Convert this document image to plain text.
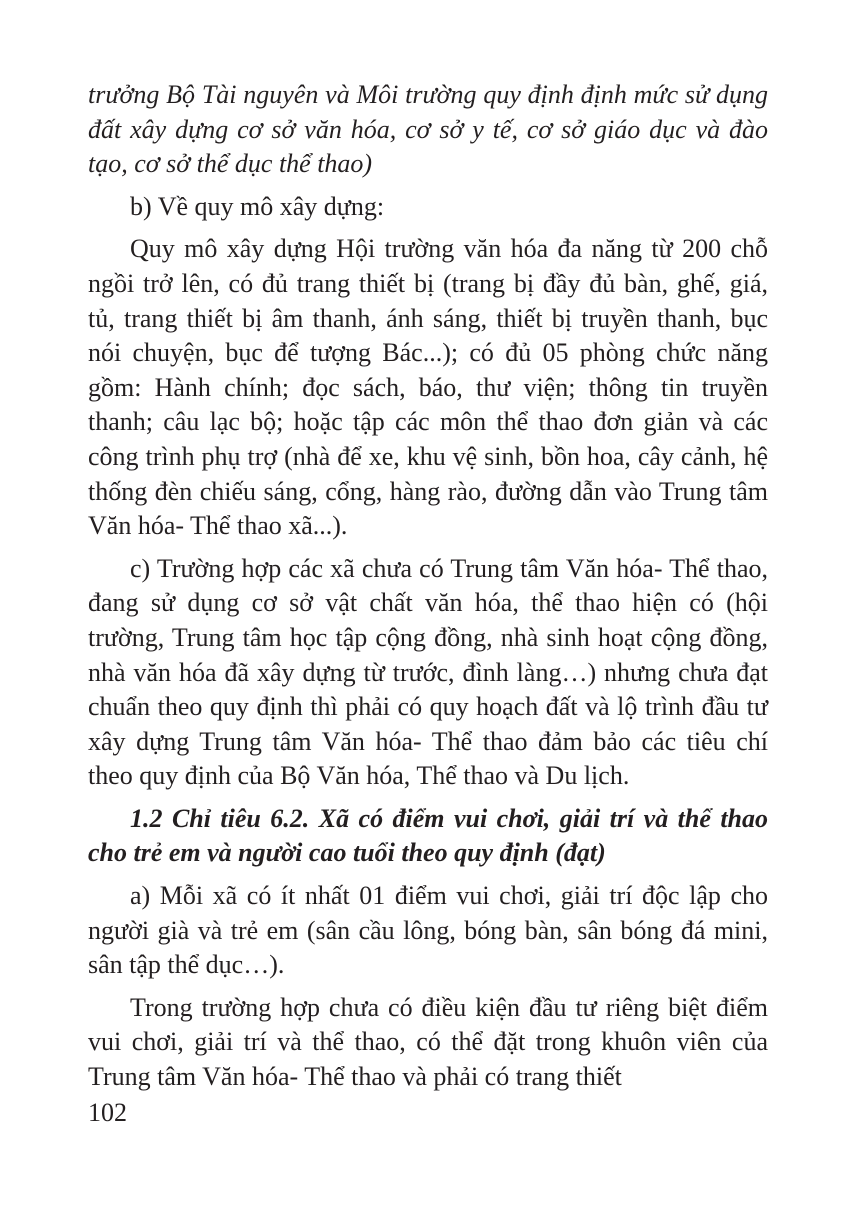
trưởng Bộ Tài nguyên và Môi trường quy định định mức sử dụng đất xây dựng cơ sở văn hóa, cơ sở y tế, cơ sở giáo dục và đào tạo, cơ sở thể dục thể thao)

b) Về quy mô xây dựng:

Quy mô xây dựng Hội trường văn hóa đa năng từ 200 chỗ ngồi trở lên, có đủ trang thiết bị (trang bị đầy đủ bàn, ghế, giá, tủ, trang thiết bị âm thanh, ánh sáng, thiết bị truyền thanh, bục nói chuyện, bục để tượng Bác...); có đủ 05 phòng chức năng gồm: Hành chính; đọc sách, báo, thư viện; thông tin truyền thanh; câu lạc bộ; hoặc tập các môn thể thao đơn giản và các công trình phụ trợ (nhà để xe, khu vệ sinh, bồn hoa, cây cảnh, hệ thống đèn chiếu sáng, cổng, hàng rào, đường dẫn vào Trung tâm Văn hóa- Thể thao xã...).

c) Trường hợp các xã chưa có Trung tâm Văn hóa- Thể thao, đang sử dụng cơ sở vật chất văn hóa, thể thao hiện có (hội trường, Trung tâm học tập cộng đồng, nhà sinh hoạt cộng đồng, nhà văn hóa đã xây dựng từ trước, đình làng…) nhưng chưa đạt chuẩn theo quy định thì phải có quy hoạch đất và lộ trình đầu tư xây dựng Trung tâm Văn hóa- Thể thao đảm bảo các tiêu chí theo quy định của Bộ Văn hóa, Thể thao và Du lịch.

1.2 Chỉ tiêu 6.2. Xã có điểm vui chơi, giải trí và thể thao cho trẻ em và người cao tuổi theo quy định (đạt)

a) Mỗi xã có ít nhất 01 điểm vui chơi, giải trí độc lập cho người già và trẻ em (sân cầu lông, bóng bàn, sân bóng đá mini, sân tập thể dục…).

Trong trường hợp chưa có điều kiện đầu tư riêng biệt điểm vui chơi, giải trí và thể thao, có thể đặt trong khuôn viên của Trung tâm Văn hóa- Thể thao và phải có trang thiết

102
